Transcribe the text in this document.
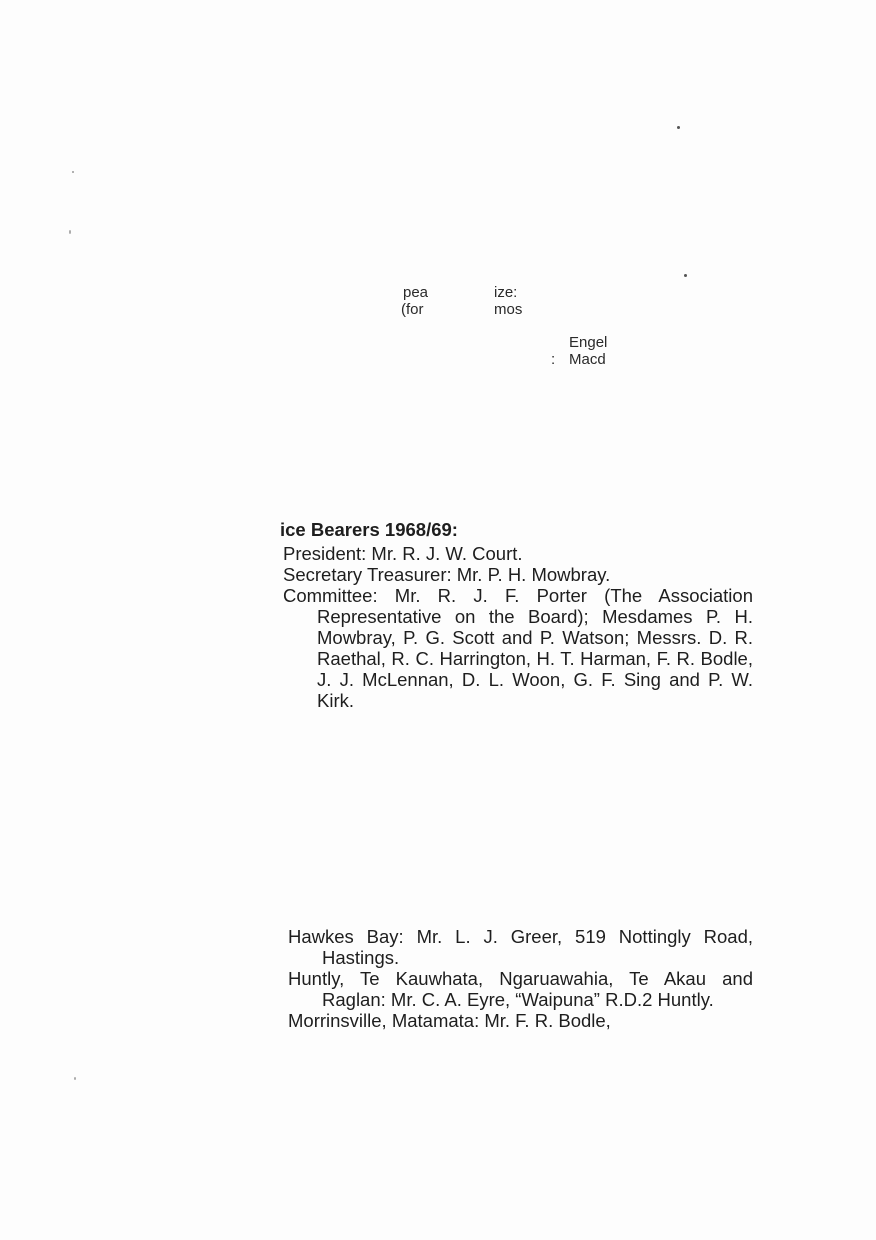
pea	ize:
(for	mos
Engel
: Macd
ice Bearers 1968/69:

President: Mr. R. J. W. Court.

Secretary Treasurer: Mr. P. H. Mowbray.

Committee: Mr. R. J. F. Porter (The Association Representative on the Board); Mesdames P. H. Mowbray, P. G. Scott and P. Watson; Messrs. D. R. Raethal, R. C. Harrington, H. T. Harman, F. R. Bodle, J. J. McLennan, D. L. Woon, G. F. Sing and P. W. Kirk.

Hawkes Bay: Mr. L. J. Greer, 519 Nottingly Road, Hastings.

Huntly, Te Kauwhata, Ngaruawahia, Te Akau and Raglan: Mr. C. A. Eyre, “Waipuna” R.D.2 Huntly.

Morrinsville, Matamata: Mr. F. R. Bodle,
